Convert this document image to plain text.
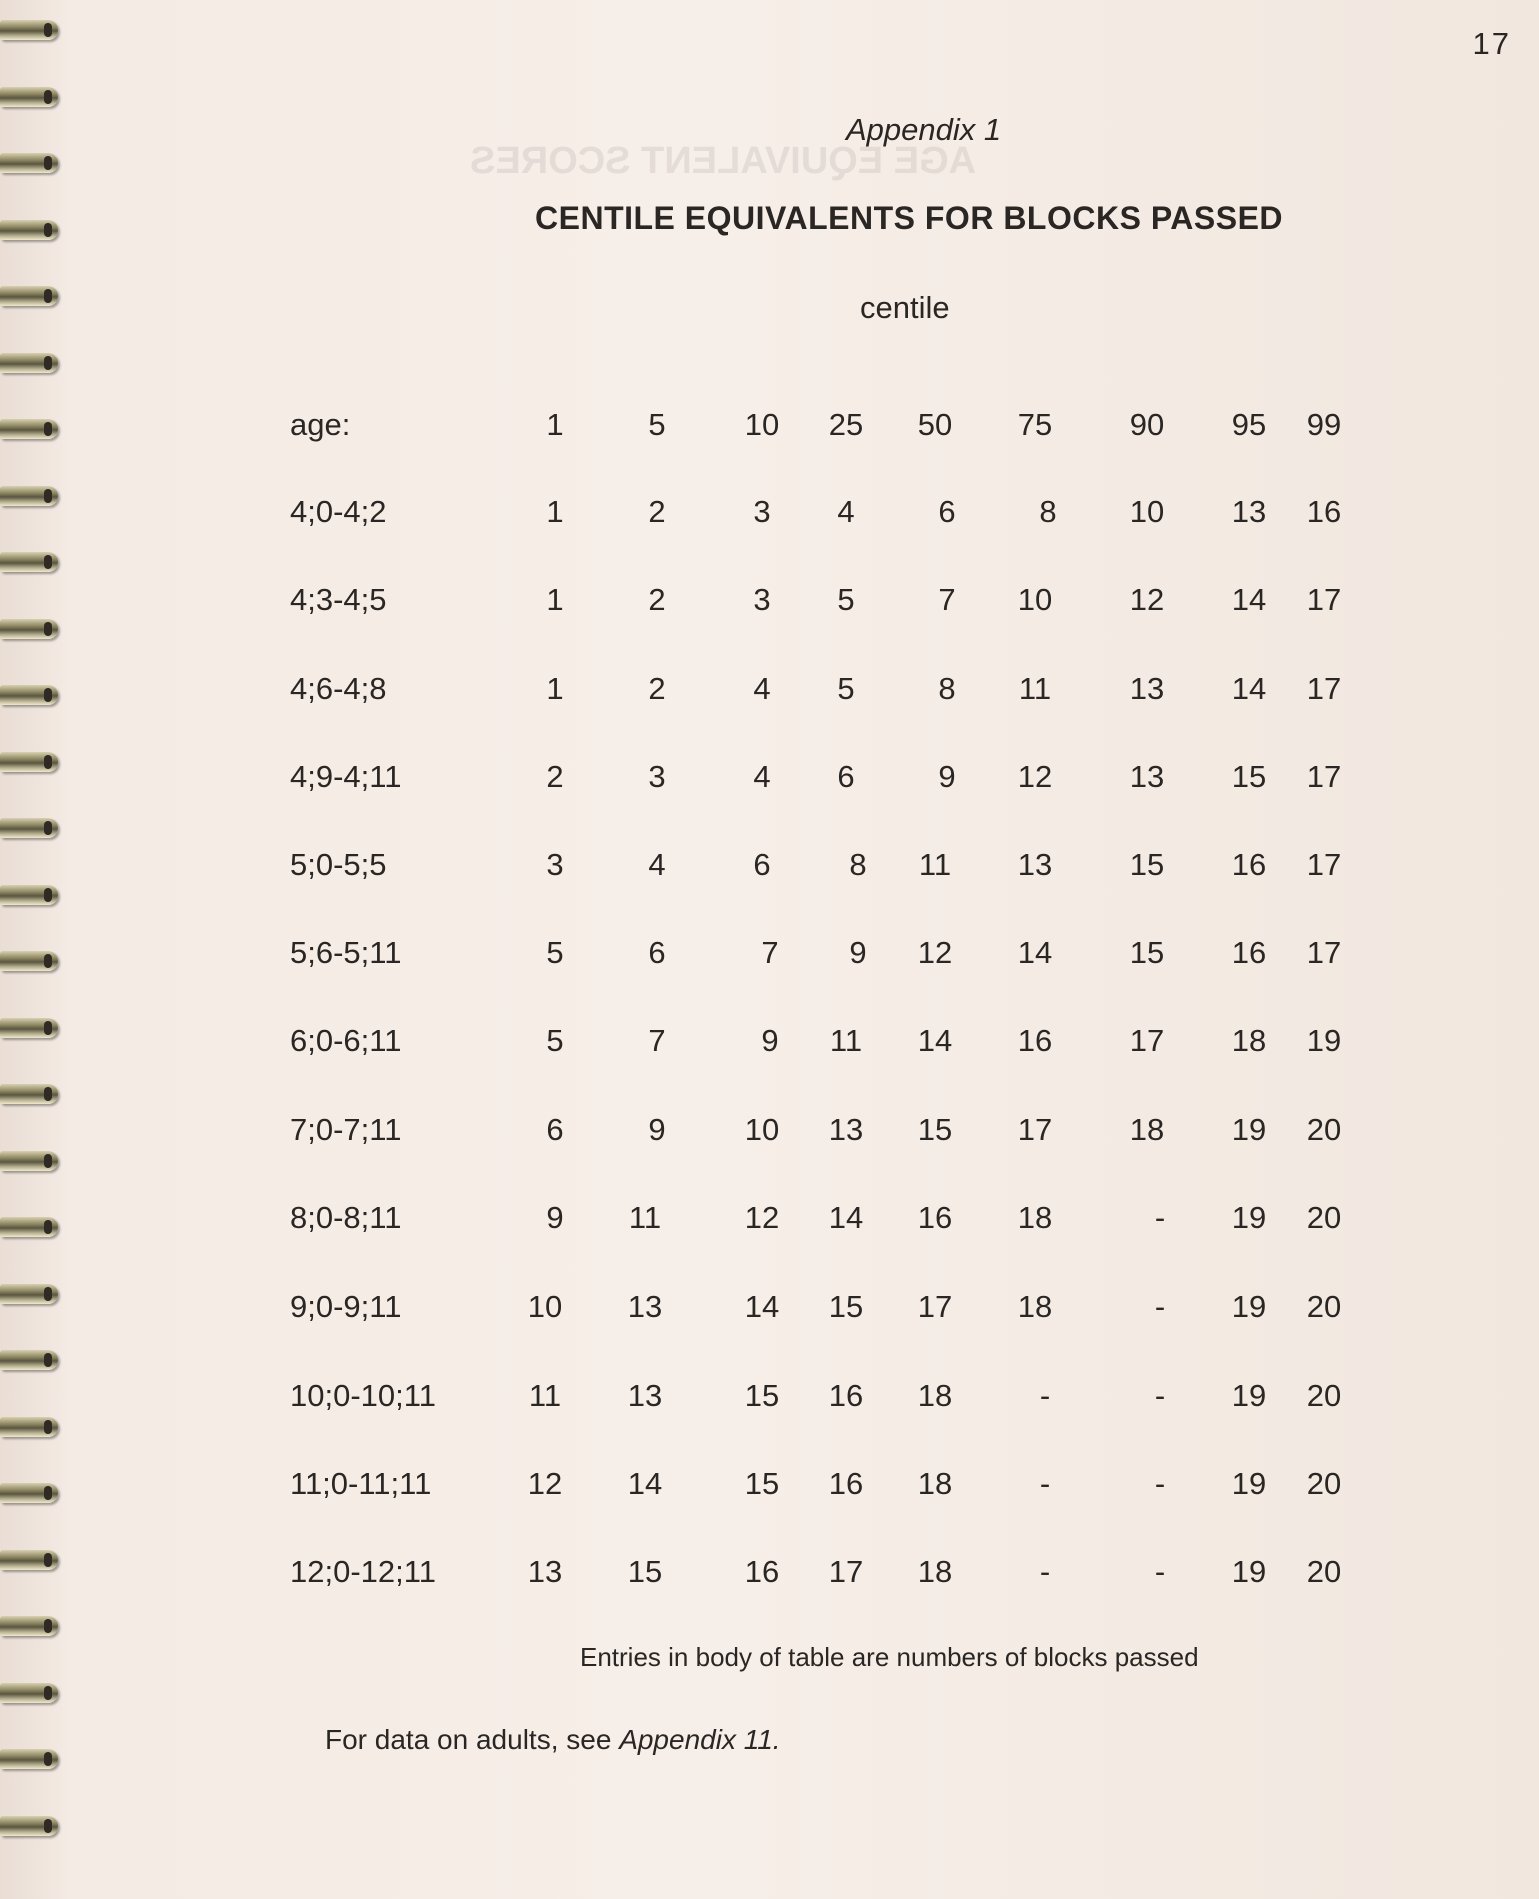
AGE EQUIVALENT SCORES
17
Appendix 1
CENTILE EQUIVALENTS FOR BLOCKS PASSED
centile
age:	1	5	10	25	50	75	90	95	99
4;0-4;2	1	2	3	4	6	8	10	13	16
4;3-4;5	1	2	3	5	7	10	12	14	17
4;6-4;8	1	2	4	5	8	11	13	14	17
4;9-4;11	2	3	4	6	9	12	13	15	17
5;0-5;5	3	4	6	8	11	13	15	16	17
5;6-5;11	5	6	7	9	12	14	15	16	17
6;0-6;11	5	7	9	11	14	16	17	18	19
7;0-7;11	6	9	10	13	15	17	18	19	20
8;0-8;11	9	11	12	14	16	18	-	19	20
9;0-9;11	10	13	14	15	17	18	-	19	20
10;0-10;11	11	13	15	16	18	-	-	19	20
11;0-11;11	12	14	15	16	18	-	-	19	20
12;0-12;11	13	15	16	17	18	-	-	19	20
Entries in body of table are numbers of blocks passed
For data on adults, see Appendix 11.
